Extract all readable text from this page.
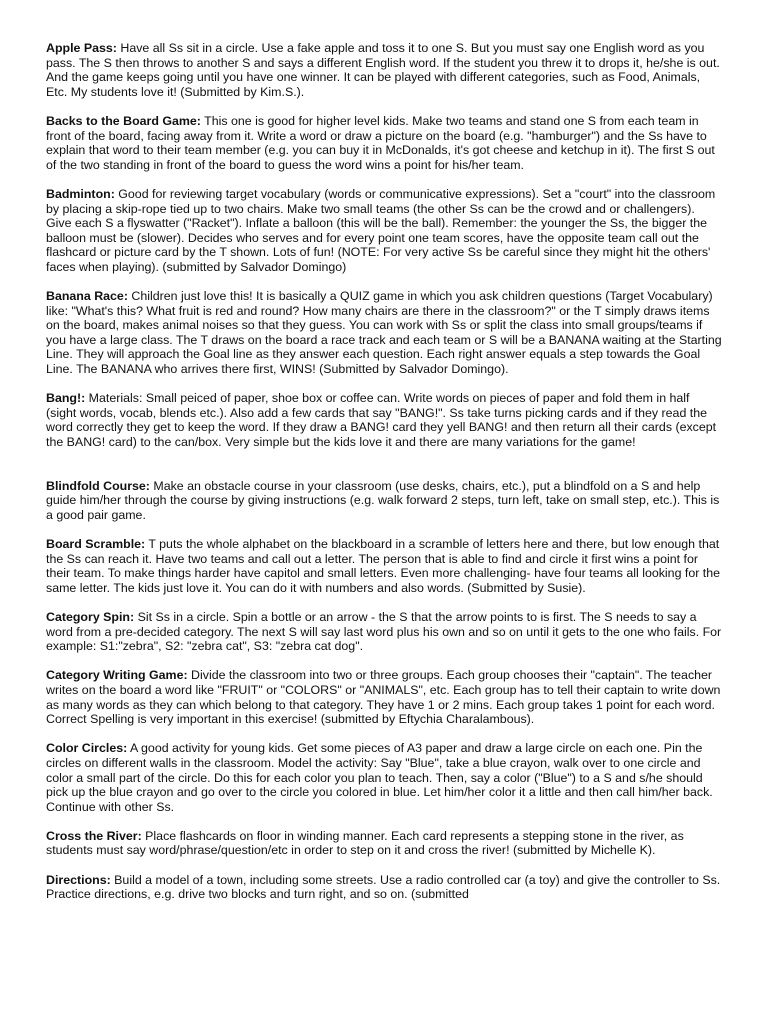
Apple Pass: Have all Ss sit in a circle. Use a fake apple and toss it to one S. But you must say one English word as you pass. The S then throws to another S and says a different English word. If the student you threw it to drops it, he/she is out. And the game keeps going until you have one winner. It can be played with different categories, such as Food, Animals, Etc. My students love it! (Submitted by Kim.S.).

Backs to the Board Game: This one is good for higher level kids. Make two teams and stand one S from each team in front of the board, facing away from it. Write a word or draw a picture on the board (e.g. "hamburger") and the Ss have to explain that word to their team member (e.g. you can buy it in McDonalds, it's got cheese and ketchup in it). The first S out of the two standing in front of the board to guess the word wins a point for his/her team.

Badminton: Good for reviewing target vocabulary (words or communicative expressions). Set a "court" into the classroom by placing a skip-rope tied up to two chairs. Make two small teams (the other Ss can be the crowd and or challengers). Give each S a flyswatter ("Racket"). Inflate a balloon (this will be the ball). Remember: the younger the Ss, the bigger the balloon must be (slower). Decides who serves and for every point one team scores, have the opposite team call out the flashcard or picture card by the T shown. Lots of fun! (NOTE: For very active Ss be careful since they might hit the others' faces when playing). (submitted by Salvador Domingo)

Banana Race: Children just love this! It is basically a QUIZ game in which you ask children questions (Target Vocabulary) like: "What's this? What fruit is red and round? How many chairs are there in the classroom?" or the T simply draws items on the board, makes animal noises so that they guess. You can work with Ss or split the class into small groups/teams if you have a large class. The T draws on the board a race track and each team or S will be a BANANA waiting at the Starting Line. They will approach the Goal line as they answer each question. Each right answer equals a step towards the Goal Line. The BANANA who arrives there first, WINS! (Submitted by Salvador Domingo).

Bang!: Materials: Small peiced of paper, shoe box or coffee can. Write words on pieces of paper and fold them in half (sight words, vocab, blends etc.). Also add a few cards that say "BANG!". Ss take turns picking cards and if they read the word correctly they get to keep the word. If they draw a BANG! card they yell BANG! and then return all their cards (except the BANG! card) to the can/box. Very simple but the kids love it and there are many variations for the game!

Blindfold Course: Make an obstacle course in your classroom (use desks, chairs, etc.), put a blindfold on a S and help guide him/her through the course by giving instructions (e.g. walk forward 2 steps, turn left, take on small step, etc.). This is a good pair game.

Board Scramble: T puts the whole alphabet on the blackboard in a scramble of letters here and there, but low enough that the Ss can reach it. Have two teams and call out a letter. The person that is able to find and circle it first wins a point for their team. To make things harder have capitol and small letters. Even more challenging- have four teams all looking for the same letter. The kids just love it. You can do it with numbers and also words. (Submitted by Susie).

Category Spin: Sit Ss in a circle. Spin a bottle or an arrow - the S that the arrow points to is first. The S needs to say a word from a pre-decided category. The next S will say last word plus his own and so on until it gets to the one who fails. For example: S1:"zebra", S2: "zebra cat", S3: "zebra cat dog".

Category Writing Game: Divide the classroom into two or three groups. Each group chooses their "captain". The teacher writes on the board a word like "FRUIT" or "COLORS" or "ANIMALS", etc. Each group has to tell their captain to write down as many words as they can which belong to that category. They have 1 or 2 mins. Each group takes 1 point for each word. Correct Spelling is very important in this exercise! (submitted by Eftychia Charalambous).

Color Circles: A good activity for young kids. Get some pieces of A3 paper and draw a large circle on each one. Pin the circles on different walls in the classroom. Model the activity: Say "Blue", take a blue crayon, walk over to one circle and color a small part of the circle. Do this for each color you plan to teach. Then, say a color ("Blue") to a S and s/he should pick up the blue crayon and go over to the circle you colored in blue. Let him/her color it a little and then call him/her back. Continue with other Ss.

Cross the River: Place flashcards on floor in winding manner. Each card represents a stepping stone in the river, as students must say word/phrase/question/etc in order to step on it and cross the river! (submitted by Michelle K).

Directions: Build a model of a town, including some streets. Use a radio controlled car (a toy) and give the controller to Ss. Practice directions, e.g. drive two blocks and turn right, and so on. (submitted
